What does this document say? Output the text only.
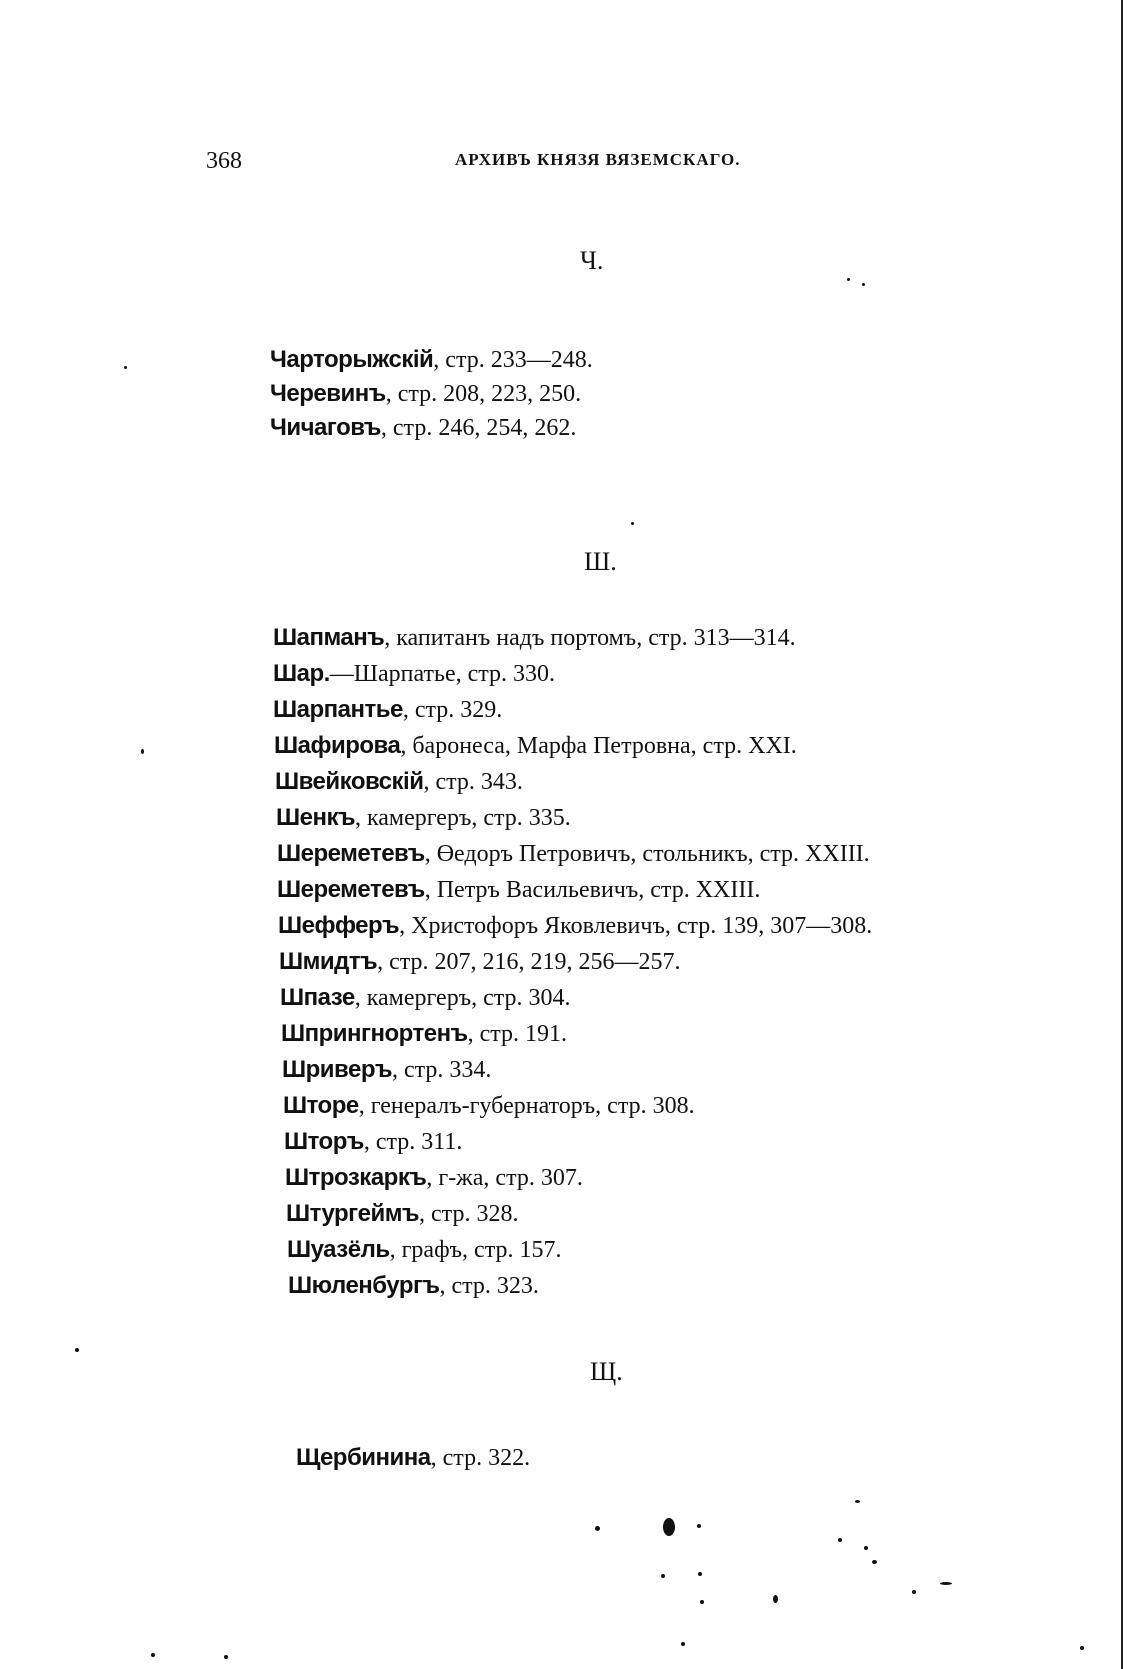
368	АРХИВЪ КНЯЗЯ ВЯЗЕМСКАГО.
Ч.
Чарторыжскій, стр. 233—248.
Черевинъ, стр. 208, 223, 250.
Чичаговъ, стр. 246, 254, 262.
Ш.
Шапманъ, капитанъ надъ портомъ, стр. 313—314.
Шар.—Шарпатье, стр. 330.
Шарпантье, стр. 329.
Шафирова, баронеса, Марфа Петровна, стр. XXI.
Швейковскій, стр. 343.
Шенкъ, камергеръ, стр. 335.
Шереметевъ, Өедоръ Петровичъ, стольникъ, стр. XXIII.
Шереметевъ, Петръ Васильевичъ, стр. XXIII.
Шефферъ, Христофоръ Яковлевичъ, стр. 139, 307—308.
Шмидтъ, стр. 207, 216, 219, 256—257.
Шпазе, камергеръ, стр. 304.
Шпрингнортенъ, стр. 191.
Шриверъ, стр. 334.
Шторе, генералъ-губернаторъ, стр. 308.
Шторъ, стр. 311.
Штрозкаркъ, г-жа, стр. 307.
Штургеймъ, стр. 328.
Шуазёль, графъ, стр. 157.
Шюленбургъ, стр. 323.
Щ.
Щербинина, стр. 322.
